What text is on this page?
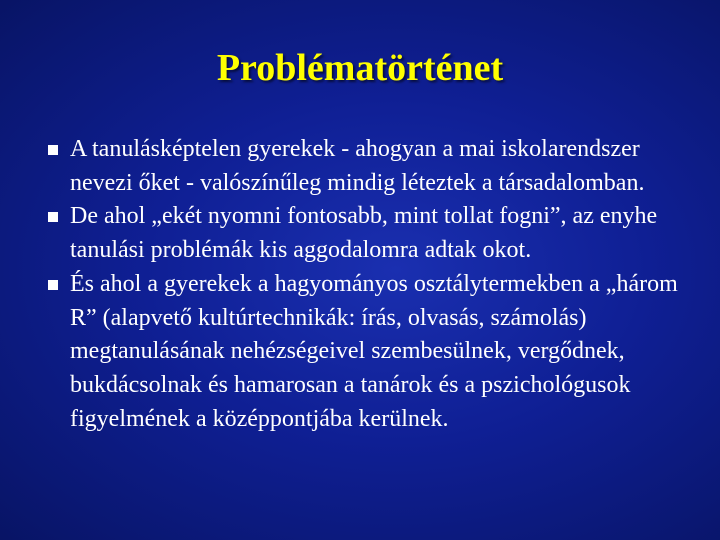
Problématörténet
A tanulásképtelen gyerekek - ahogyan a mai iskolarendszer nevezi őket - valószínűleg mindig léteztek a társadalomban.
De ahol „ekét nyomni fontosabb, mint tollat fogni”, az enyhe tanulási problémák kis aggodalomra adtak okot.
És ahol a gyerekek a hagyományos osztálytermekben a „három R” (alapvető kultúrtechnikák: írás, olvasás, számolás) megtanulásának nehézségeivel szembesülnek, vergődnek, bukdácsolnak és hamarosan a tanárok és a pszichológusok figyelmének a középpontjába kerülnek.
